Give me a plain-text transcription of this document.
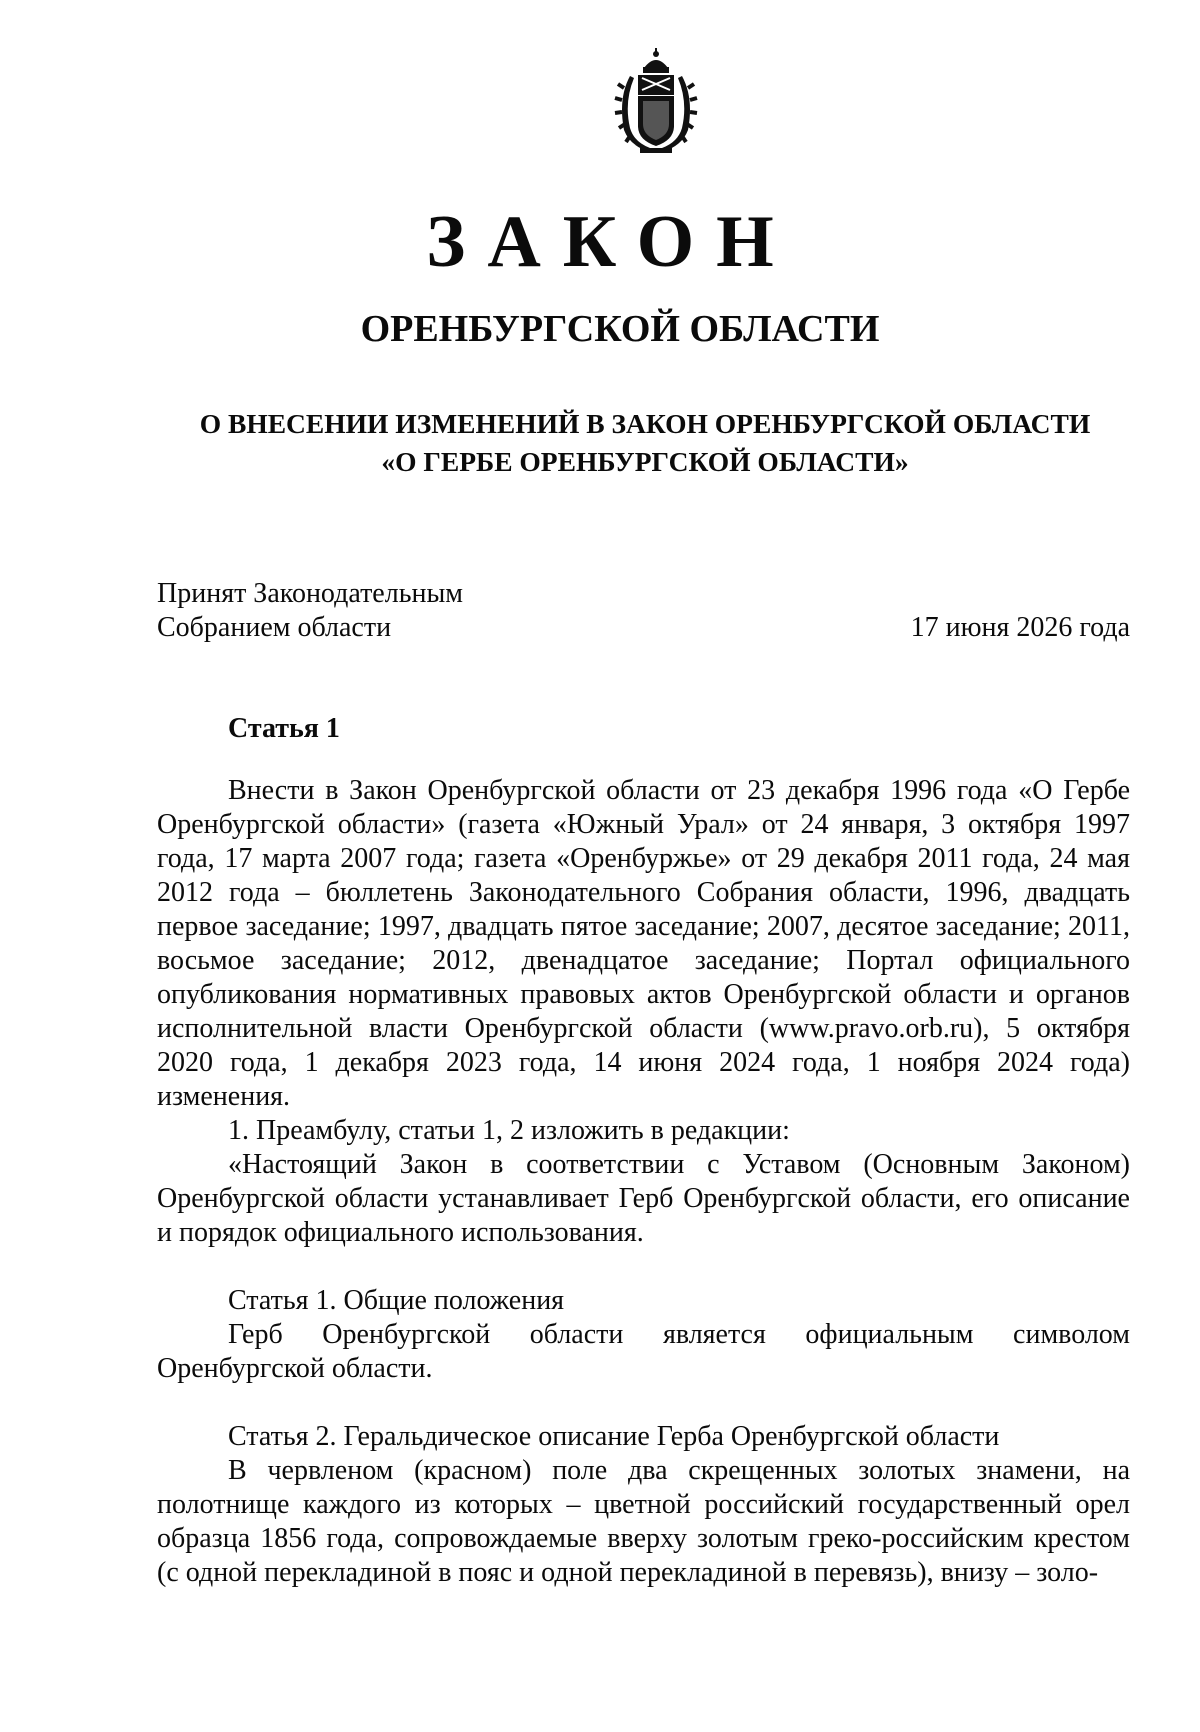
ЗАКОН
ОРЕНБУРГСКОЙ ОБЛАСТИ
О ВНЕСЕНИИ ИЗМЕНЕНИЙ В ЗАКОН ОРЕНБУРГСКОЙ ОБЛАСТИ
«О ГЕРБЕ ОРЕНБУРГСКОЙ ОБЛАСТИ»
Принят Законодательным
Собранием области	17 июня 2026 года
Статья 1

Внести в Закон Оренбургской области от 23 декабря 1996 года «О Гербе Оренбургской области» (газета «Южный Урал» от 24 января, 3 октября 1997 года, 17 марта 2007 года; газета «Оренбуржье» от 29 декабря 2011 года, 24 мая 2012 года – бюллетень Законодательного Собрания области, 1996, двадцать первое заседание; 1997, двадцать пятое заседание; 2007, десятое заседание; 2011, восьмое заседание; 2012, двенадцатое заседание; Портал официального опубликования нормативных правовых актов Оренбургской области и органов исполнительной власти Оренбургской области (www.pravo.orb.ru), 5 октября 2020 года, 1 декабря 2023 года, 14 июня 2024 года, 1 ноября 2024 года) изменения.

1. Преамбулу, статьи 1, 2 изложить в редакции:

«Настоящий Закон в соответствии с Уставом (Основным Законом) Оренбургской области устанавливает Герб Оренбургской области, его описание и порядок официального использования.

Статья 1. Общие положения

Герб Оренбургской области является официальным символом Оренбургской области.

Статья 2. Геральдическое описание Герба Оренбургской области

В червленом (красном) поле два скрещенных золотых знамени, на полотнище каждого из которых – цветной российский государственный орел образца 1856 года, сопровождаемые вверху золотым греко-российским крестом (с одной перекладиной в пояс и одной перекладиной в перевязь), внизу – золо-
